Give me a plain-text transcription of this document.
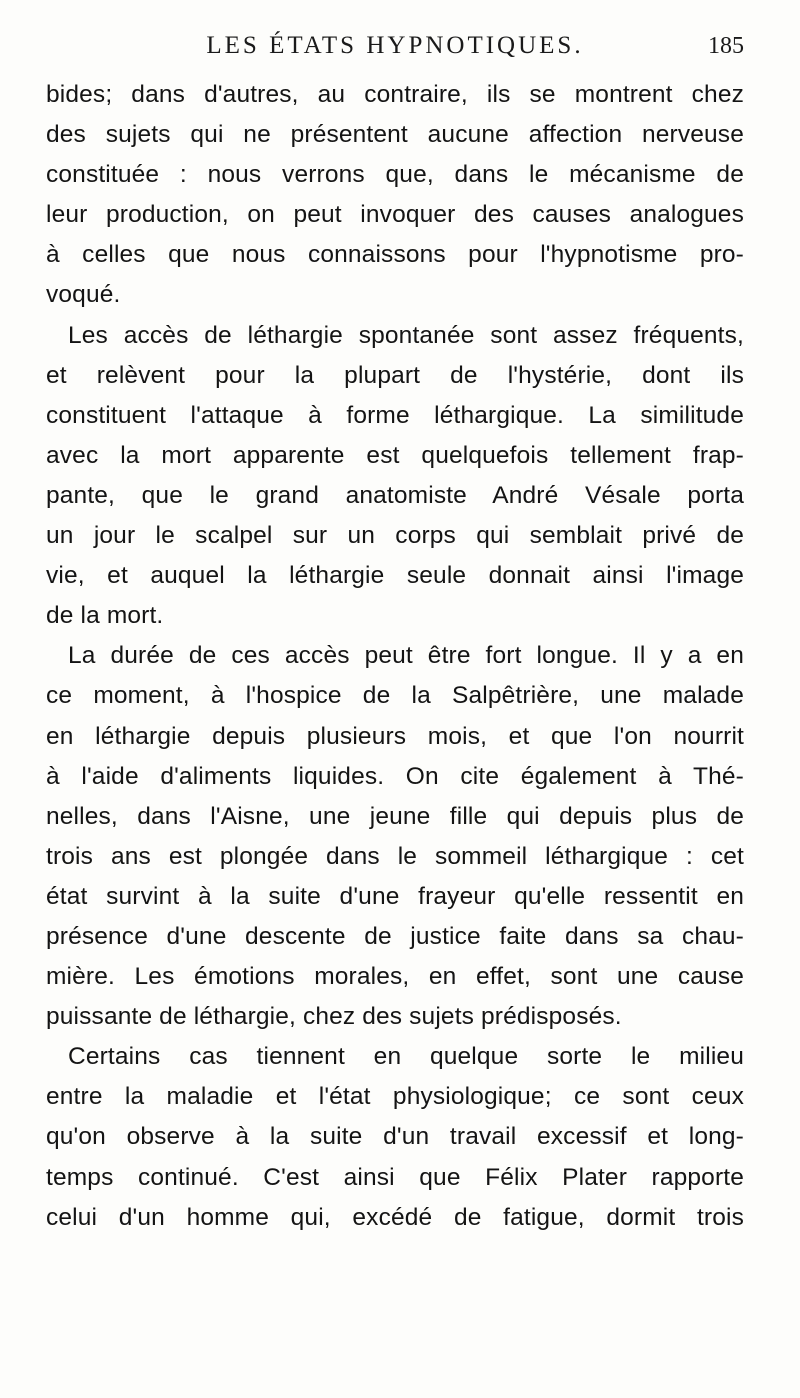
LES ÉTATS HYPNOTIQUES.	185
bides; dans d'autres, au contraire, ils se montrent chez
des sujets qui ne présentent aucune affection nerveuse
constituée : nous verrons que, dans le mécanisme de
leur production, on peut invoquer des causes analogues
à celles que nous connaissons pour l'hypnotisme pro-
voqué.
Les accès de léthargie spontanée sont assez fréquents,
et relèvent pour la plupart de l'hystérie, dont ils
constituent l'attaque à forme léthargique. La similitude
avec la mort apparente est quelquefois tellement frap-
pante, que le grand anatomiste André Vésale porta
un jour le scalpel sur un corps qui semblait privé de
vie, et auquel la léthargie seule donnait ainsi l'image
de la mort.
La durée de ces accès peut être fort longue. Il y a en
ce moment, à l'hospice de la Salpêtrière, une malade
en léthargie depuis plusieurs mois, et que l'on nourrit
à l'aide d'aliments liquides. On cite également à Thé-
nelles, dans l'Aisne, une jeune fille qui depuis plus de
trois ans est plongée dans le sommeil léthargique : cet
état survint à la suite d'une frayeur qu'elle ressentit en
présence d'une descente de justice faite dans sa chau-
mière. Les émotions morales, en effet, sont une cause
puissante de léthargie, chez des sujets prédisposés.
Certains cas tiennent en quelque sorte le milieu
entre la maladie et l'état physiologique; ce sont ceux
qu'on observe à la suite d'un travail excessif et long-
temps continué. C'est ainsi que Félix Plater rapporte
celui d'un homme qui, excédé de fatigue, dormit trois
